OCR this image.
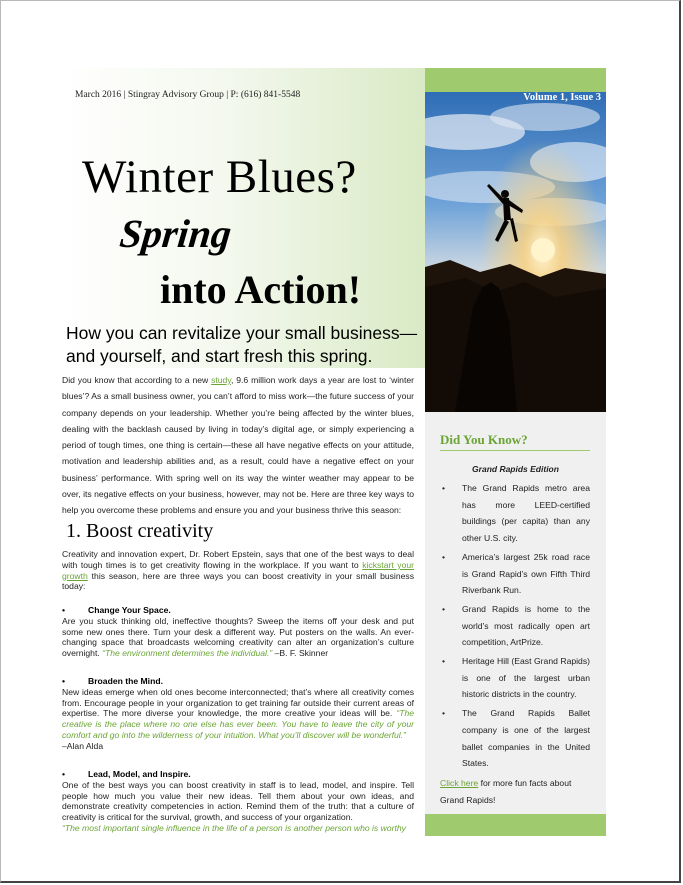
March 2016 | Stingray Advisory Group | P: (616) 841-5548
Winter Blues?
Spring
into Action!
How you can revitalize your small business—and yourself, and start fresh this spring.
Did you know that according to a new study, 9.6 million work days a year are lost to ‘winter blues’? As a small business owner, you can’t afford to miss work—the future success of your company depends on your leadership. Whether you’re being affected by the winter blues, dealing with the backlash caused by living in today’s digital age, or simply experiencing a period of tough times, one thing is certain—these all have negative effects on your attitude, motivation and leadership abilities and, as a result, could have a negative effect on your business’ performance. With spring well on its way the winter weather may appear to be over, its negative effects on your business, however, may not be. Here are three key ways to help you overcome these problems and ensure you and your business thrive this season:
1. Boost creativity
Creativity and innovation expert, Dr. Robert Epstein, says that one of the best ways to deal with tough times is to get creativity flowing in the workplace. If you want to kickstart your growth this season, here are three ways you can boost creativity in your small business today:
•	Change Your Space.
Are you stuck thinking old, ineffective thoughts? Sweep the items off your desk and put some new ones there. Turn your desk a different way. Put posters on the walls. An ever-changing space that broadcasts welcoming creativity can alter an organization’s culture overnight. “The environment determines the individual.” –B. F. Skinner
•	Broaden the Mind.
New ideas emerge when old ones become interconnected; that’s where all creativity comes from. Encourage people in your organization to get training far outside their current areas of expertise. The more diverse your knowledge, the more creative your ideas will be. “The creative is the place where no one else has ever been. You have to leave the city of your comfort and go into the wilderness of your intuition. What you’ll discover will be wonderful.”
–Alan Alda
•	Lead, Model, and Inspire.
One of the best ways you can boost creativity in staff is to lead, model, and inspire. Tell people how much you value their new ideas. Tell them about your own ideas, and demonstrate creativity competencies in action. Remind them of the truth: that a culture of creativity is critical for the survival, growth, and success of your organization.
“The most important single influence in the life of a person is another person who is worthy
Volume 1, Issue 3
Did You Know?
Grand Rapids Edition
• The Grand Rapids metro area has more LEED-certified buildings (per capita) than any other U.S. city.
• America’s largest 25k road race is Grand Rapid’s own Fifth Third Riverbank Run.
• Grand Rapids is home to the world’s most radically open art competition, ArtPrize.
• Heritage Hill (East Grand Rapids) is one of the largest urban historic districts in the country.
• The Grand Rapids Ballet company is one of the largest ballet companies in the United States.
Click here for more fun facts about Grand Rapids!
